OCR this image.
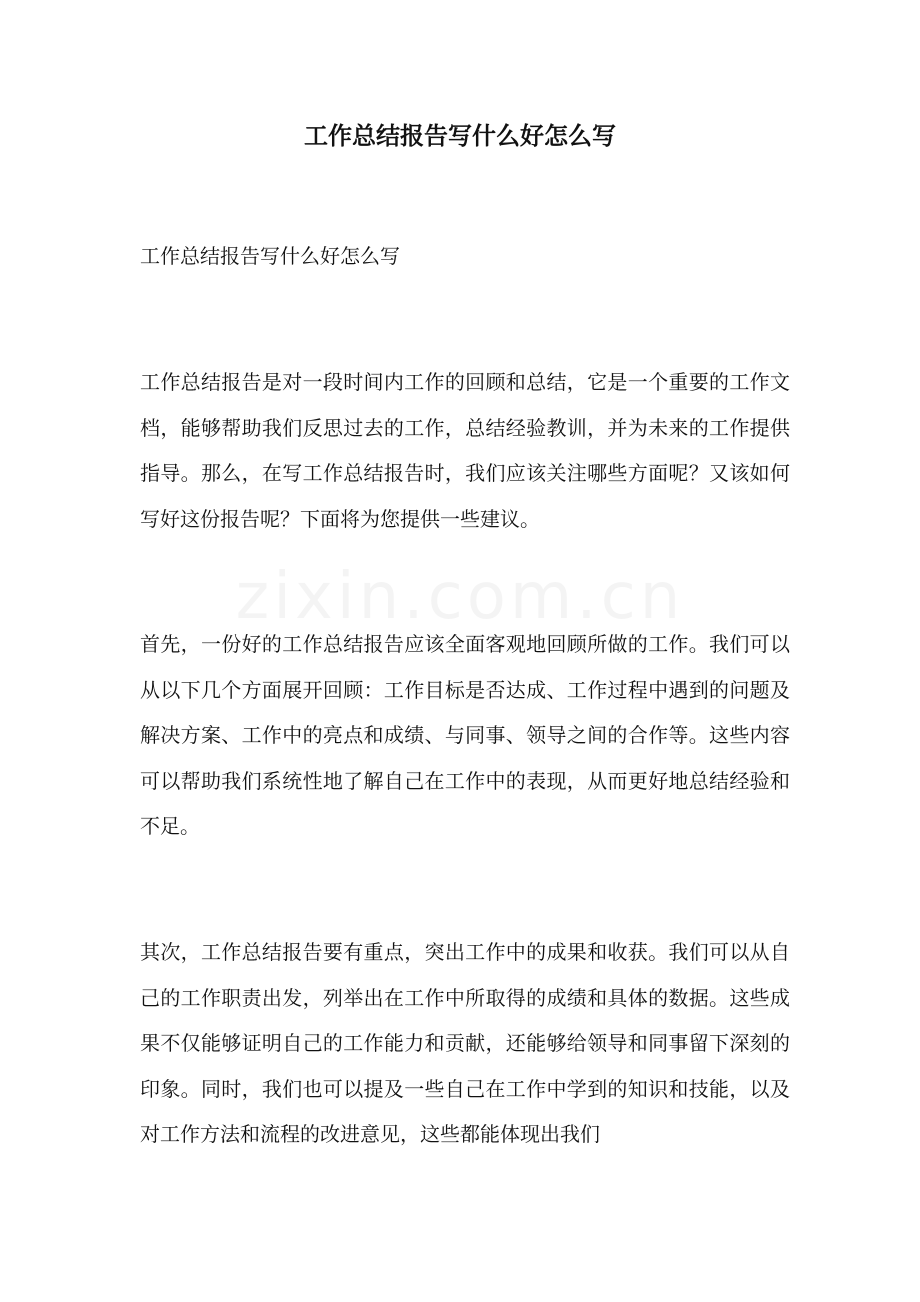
工作总结报告写什么好怎么写

工作总结报告写什么好怎么写

工作总结报告是对一段时间内工作的回顾和总结，它是一个重要的工作文档，能够帮助我们反思过去的工作，总结经验教训，并为未来的工作提供指导。那么，在写工作总结报告时，我们应该关注哪些方面呢？又该如何写好这份报告呢？下面将为您提供一些建议。

首先，一份好的工作总结报告应该全面客观地回顾所做的工作。我们可以从以下几个方面展开回顾：工作目标是否达成、工作过程中遇到的问题及解决方案、工作中的亮点和成绩、与同事、领导之间的合作等。这些内容可以帮助我们系统性地了解自己在工作中的表现，从而更好地总结经验和不足。

其次，工作总结报告要有重点，突出工作中的成果和收获。我们可以从自己的工作职责出发，列举出在工作中所取得的成绩和具体的数据。这些成果不仅能够证明自己的工作能力和贡献，还能够给领导和同事留下深刻的印象。同时，我们也可以提及一些自己在工作中学到的知识和技能，以及对工作方法和流程的改进意见，这些都能体现出我们
